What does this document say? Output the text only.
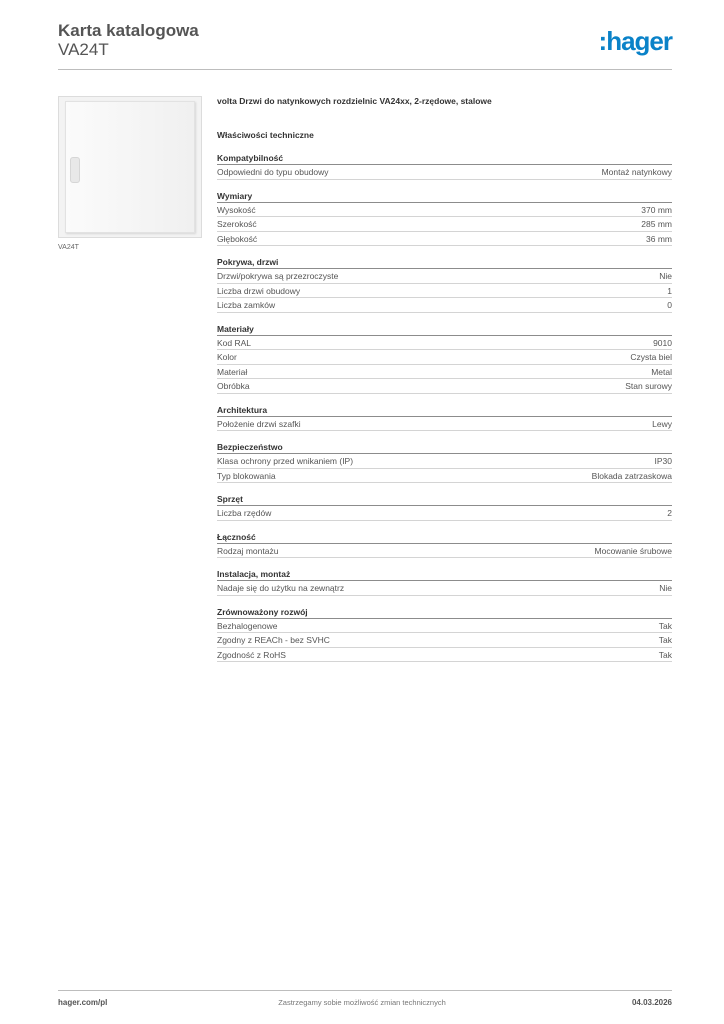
Karta katalogowa
VA24T	:hager
VA24T
volta Drzwi do natynkowych rozdzielnic VA24xx, 2-rzędowe, stalowe
Właściwości techniczne
Kompatybilność
Odpowiedni do typu obudowy	Montaż natynkowy
Wymiary
Wysokość	370 mm
Szerokość	285 mm
Głębokość	36 mm
Pokrywa, drzwi
Drzwi/pokrywa są przezroczyste	Nie
Liczba drzwi obudowy	1
Liczba zamków	0
Materiały
Kod RAL	9010
Kolor	Czysta biel
Materiał	Metal
Obróbka	Stan surowy
Architektura
Położenie drzwi szafki	Lewy
Bezpieczeństwo
Klasa ochrony przed wnikaniem (IP)	IP30
Typ blokowania	Blokada zatrzaskowa
Sprzęt
Liczba rzędów	2
Łączność
Rodzaj montażu	Mocowanie śrubowe
Instalacja, montaż
Nadaje się do użytku na zewnątrz	Nie
Zrównoważony rozwój
Bezhalogenowe	Tak
Zgodny z REACh - bez SVHC	Tak
Zgodność z RoHS	Tak
hager.com/pl	Zastrzegamy sobie możliwość zmian technicznych	04.03.2026
